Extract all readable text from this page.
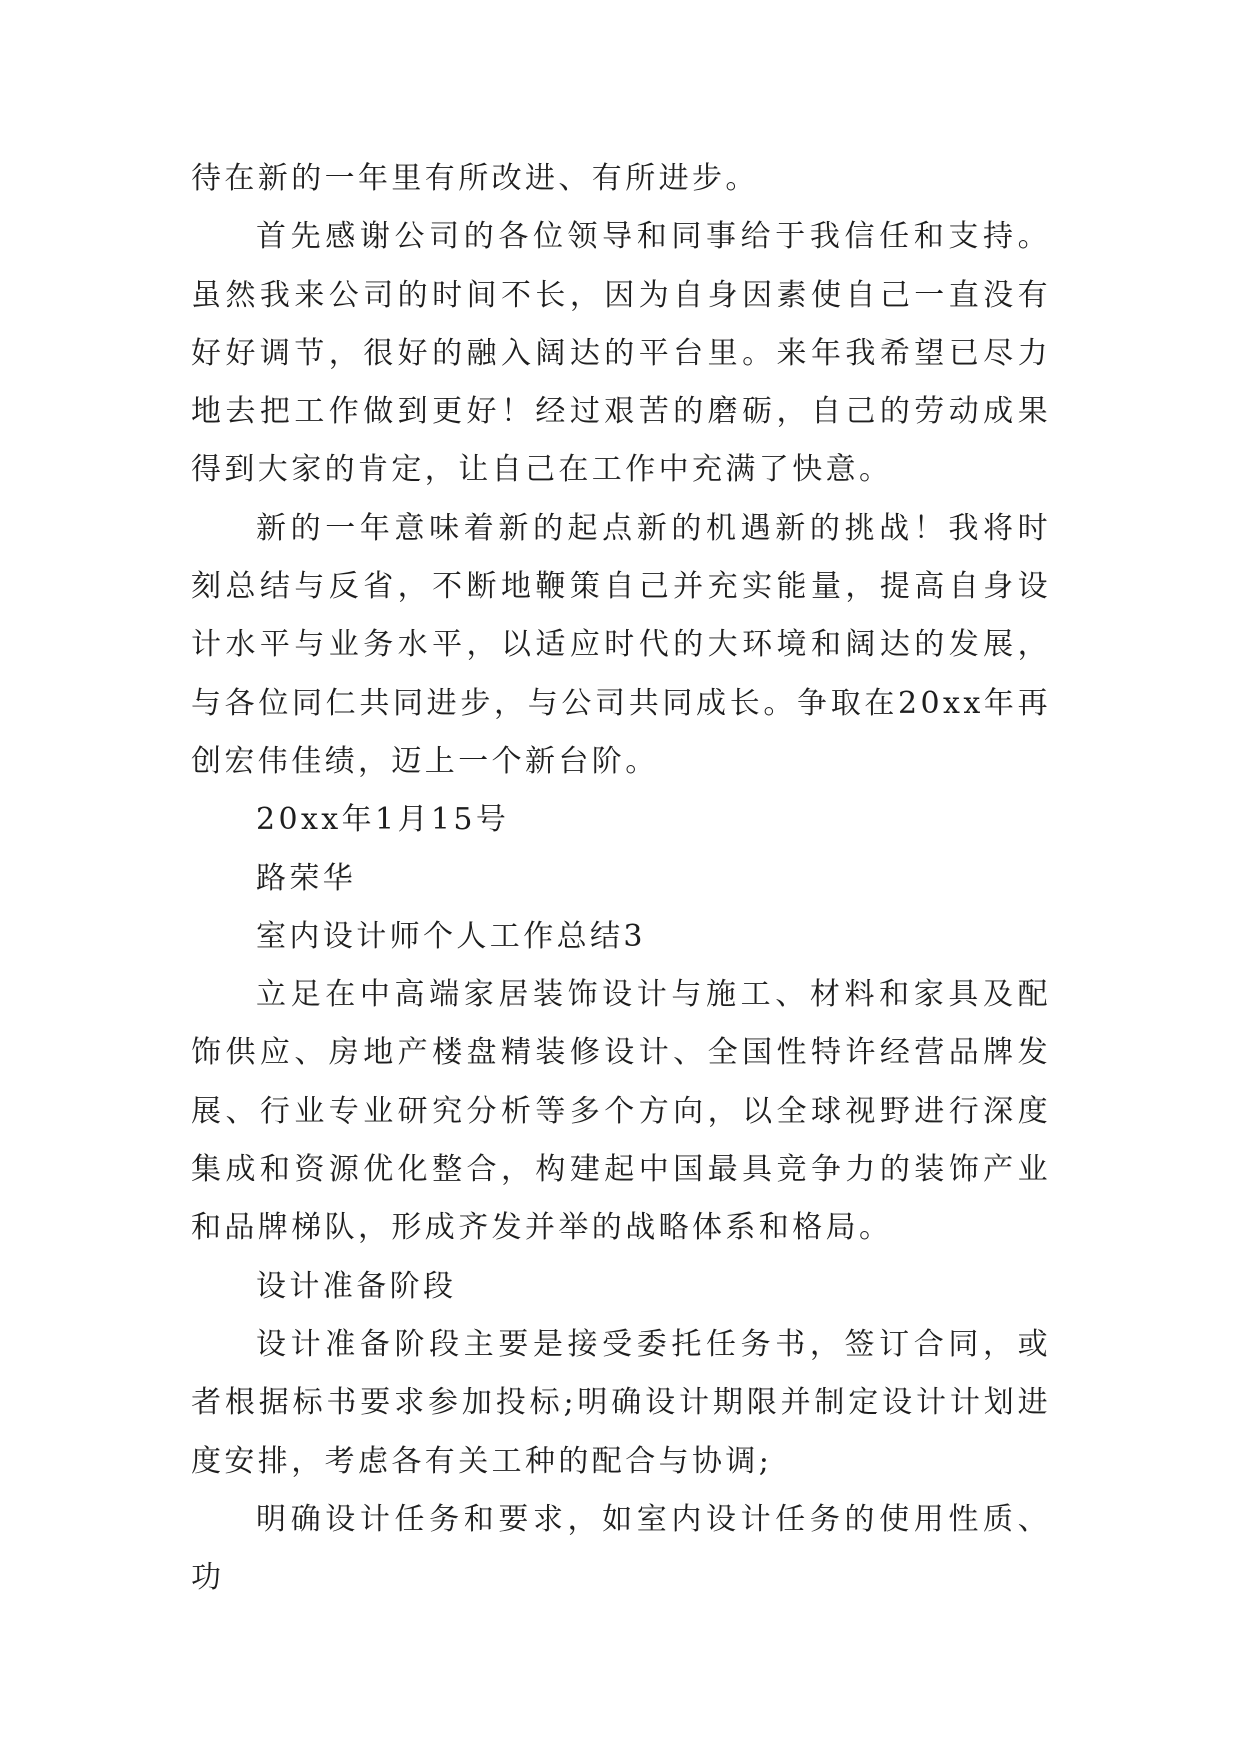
待在新的一年里有所改进、有所进步。

首先感谢公司的各位领导和同事给于我信任和支持。虽然我来公司的时间不长，因为自身因素使自己一直没有好好调节，很好的融入阔达的平台里。来年我希望已尽力地去把工作做到更好！经过艰苦的磨砺，自己的劳动成果得到大家的肯定，让自己在工作中充满了快意。

新的一年意味着新的起点新的机遇新的挑战！我将时刻总结与反省，不断地鞭策自己并充实能量，提高自身设计水平与业务水平，以适应时代的大环境和阔达的发展，与各位同仁共同进步，与公司共同成长。争取在20xx年再创宏伟佳绩，迈上一个新台阶。

20xx年1月15号

路荣华

室内设计师个人工作总结3

立足在中高端家居装饰设计与施工、材料和家具及配饰供应、房地产楼盘精装修设计、全国性特许经营品牌发展、行业专业研究分析等多个方向，以全球视野进行深度集成和资源优化整合，构建起中国最具竞争力的装饰产业和品牌梯队，形成齐发并举的战略体系和格局。

设计准备阶段

设计准备阶段主要是接受委托任务书，签订合同，或者根据标书要求参加投标;明确设计期限并制定设计计划进度安排，考虑各有关工种的配合与协调;

明确设计任务和要求，如室内设计任务的使用性质、功
